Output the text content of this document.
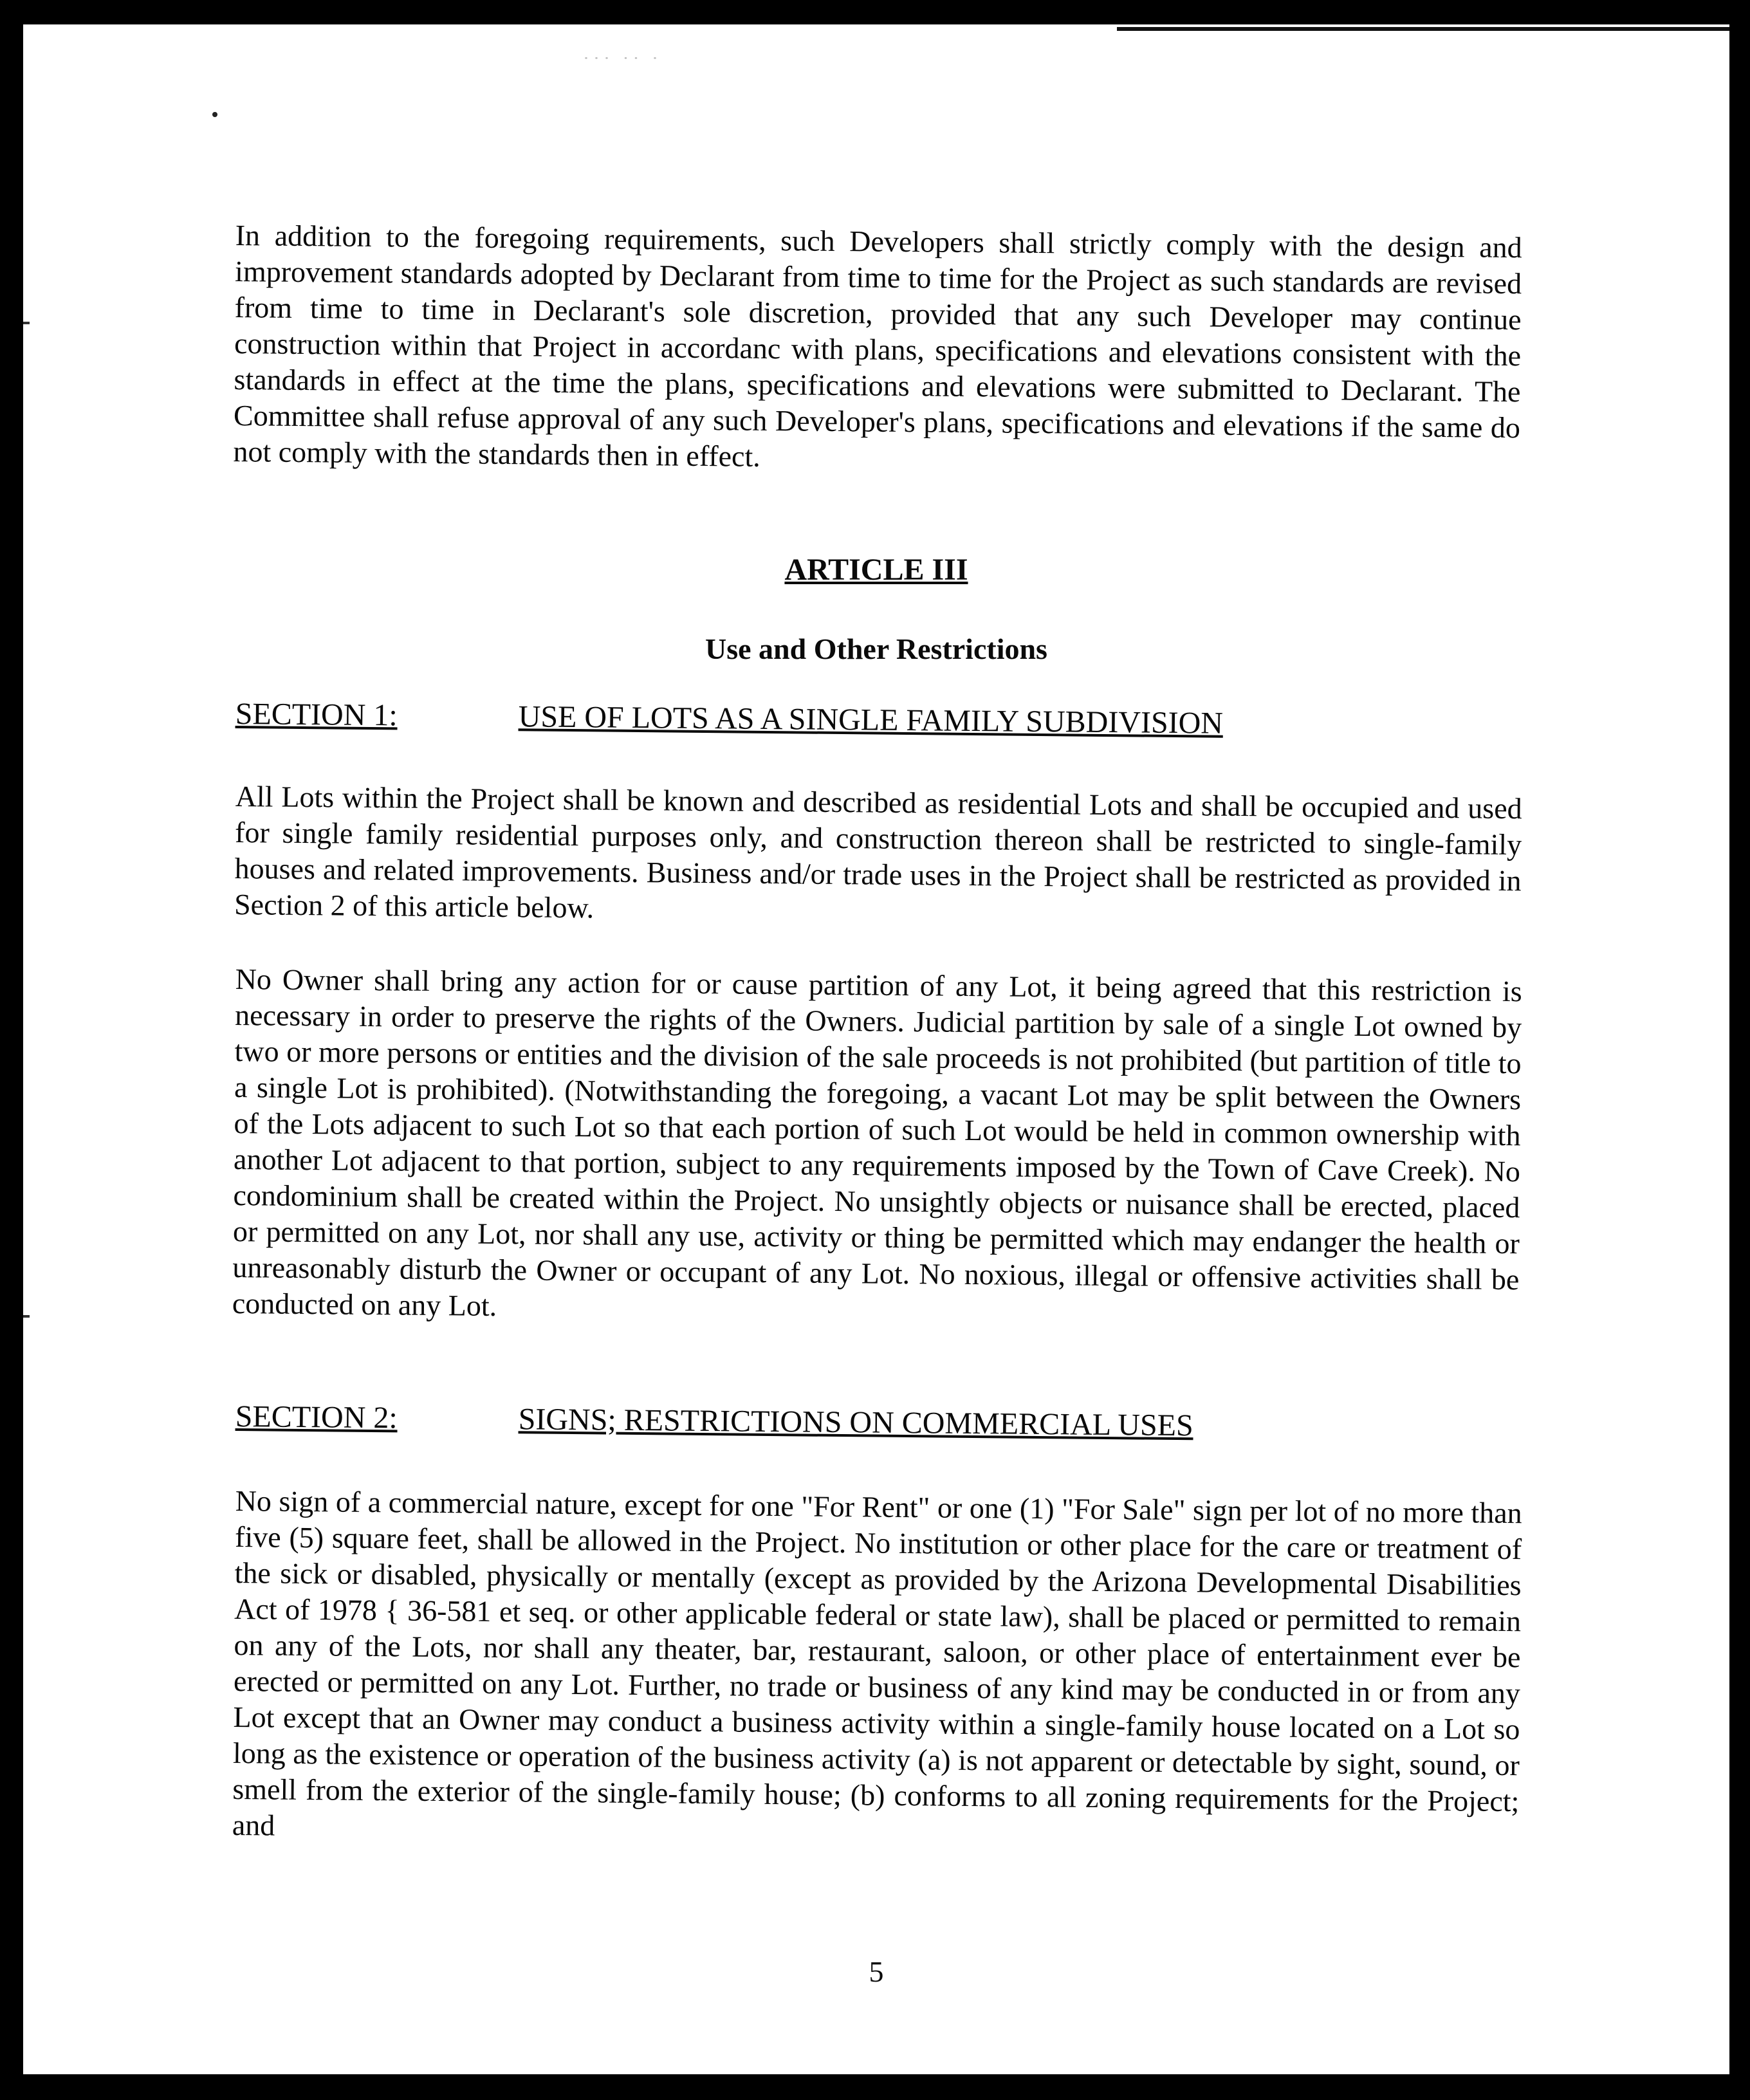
··· ·· ·

In addition to the foregoing requirements, such Developers shall strictly comply with the design and improvement standards adopted by Declarant from time to time for the Project as such standards are revised from time to time in Declarant's sole discretion, provided that any such Developer may continue construction within that Project in accordanc with plans, specifications and elevations consistent with the standards in effect at the time the plans, specifications and elevations were submitted to Declarant. The Committee shall refuse approval of any such Developer's plans, specifications and elevations if the same do not comply with the standards then in effect.

ARTICLE III
Use and Other Restrictions
SECTION 1:	USE OF LOTS AS A SINGLE FAMILY SUBDIVISION

All Lots within the Project shall be known and described as residential Lots and shall be occupied and used for single family residential purposes only, and construction thereon shall be restricted to single-family houses and related improvements. Business and/or trade uses in the Project shall be restricted as provided in Section 2 of this article below.

No Owner shall bring any action for or cause partition of any Lot, it being agreed that this restriction is necessary in order to preserve the rights of the Owners. Judicial partition by sale of a single Lot owned by two or more persons or entities and the division of the sale proceeds is not prohibited (but partition of title to a single Lot is prohibited). (Notwithstanding the foregoing, a vacant Lot may be split between the Owners of the Lots adjacent to such Lot so that each portion of such Lot would be held in common ownership with another Lot adjacent to that portion, subject to any requirements imposed by the Town of Cave Creek). No condominium shall be created within the Project. No unsightly objects or nuisance shall be erected, placed or permitted on any Lot, nor shall any use, activity or thing be permitted which may endanger the health or unreasonably disturb the Owner or occupant of any Lot. No noxious, illegal or offensive activities shall be conducted on any Lot.

SECTION 2:	SIGNS; RESTRICTIONS ON COMMERCIAL USES

No sign of a commercial nature, except for one "For Rent" or one (1) "For Sale" sign per lot of no more than five (5) square feet, shall be allowed in the Project. No institution or other place for the care or treatment of the sick or disabled, physically or mentally (except as provided by the Arizona Developmental Disabilities Act of 1978 { 36-581 et seq. or other applicable federal or state law), shall be placed or permitted to remain on any of the Lots, nor shall any theater, bar, restaurant, saloon, or other place of entertainment ever be erected or permitted on any Lot. Further, no trade or business of any kind may be conducted in or from any Lot except that an Owner may conduct a business activity within a single-family house located on a Lot so long as the existence or operation of the business activity (a) is not apparent or detectable by sight, sound, or smell from the exterior of the single-family house; (b) conforms to all zoning requirements for the Project; and

5
